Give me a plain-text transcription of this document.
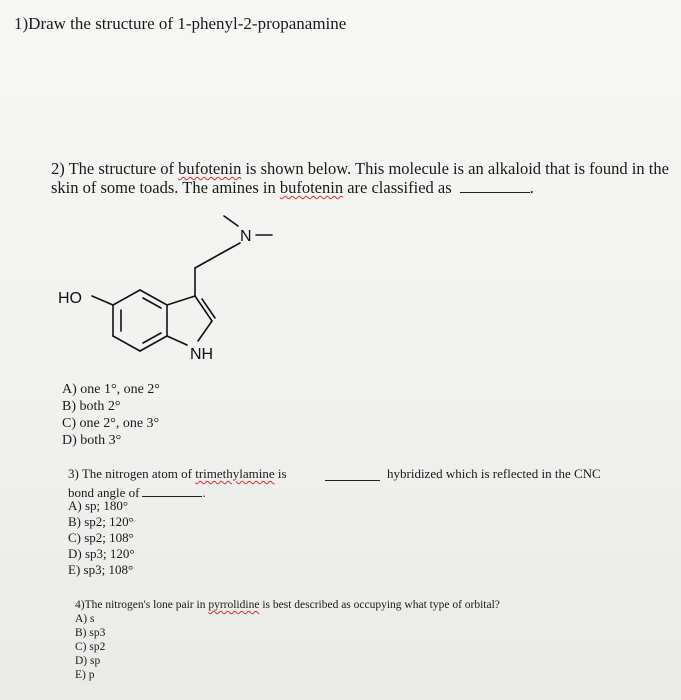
1)Draw the structure of 1-phenyl-2-propanamine
2) The structure of bufotenin is shown below. This molecule is an alkaloid that is found in the
skin of some toads. The amines in bufotenin are classified as	.
N
HO
NH
A) one 1°, one 2°
B) both 2°
C) one 2°, one 3°
D) both 3°
3) The nitrogen atom of trimethylamine is	hybridized which is reflected in the CNC
bond angle of	.
A) sp; 180°
B) sp2; 120°
C) sp2; 108°
D) sp3; 120°
E) sp3; 108°
4)The nitrogen's lone pair in pyrrolidine is best described as occupying what type of orbital?
A) s
B) sp3
C) sp2
D) sp
E) p
